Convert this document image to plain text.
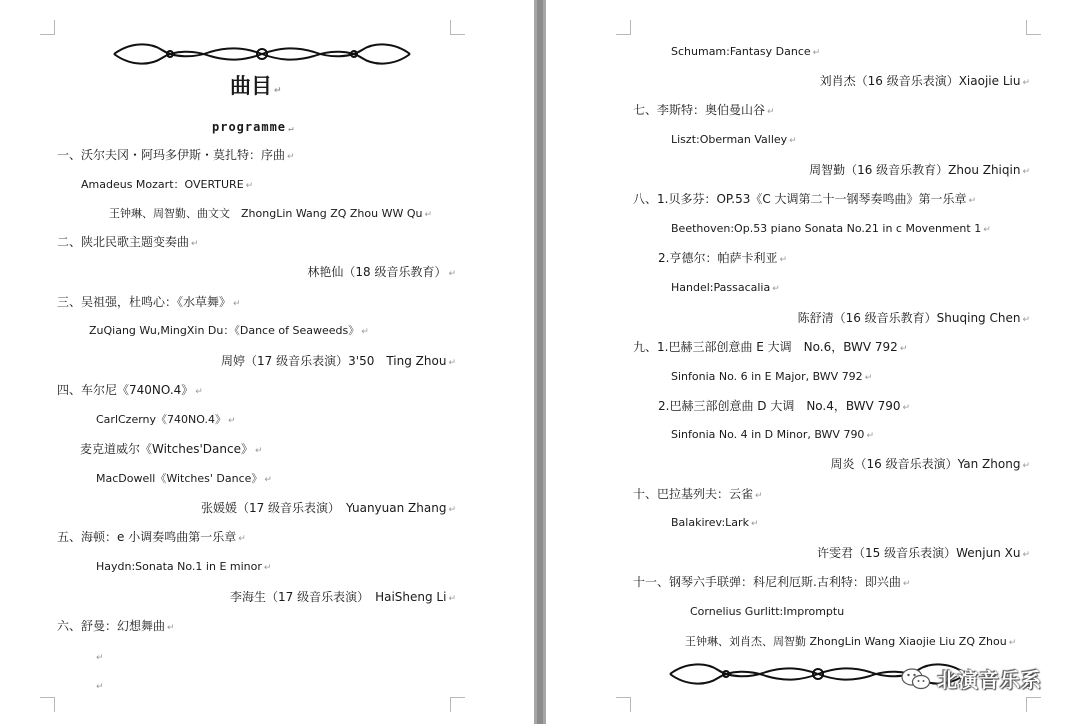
曲目 ↵
programme ↵
一、沃尔夫冈・阿玛多伊斯・莫扎特：序曲 ↵
Amadeus Mozart：OVERTURE ↵
王钟琳、周智勤、曲文文　ZhongLin Wang ZQ Zhou WW Qu ↵
二、陕北民歌主题变奏曲 ↵
林艳仙（18 级音乐教育） ↵
三、吴祖强，杜鸣心：《水草舞》 ↵
ZuQiang Wu,MingXin Du：《Dance of Seaweeds》 ↵
周婷（17 级音乐表演）3'50　Ting Zhou ↵
四、车尔尼《740NO.4》 ↵
CarlCzerny《740NO.4》 ↵
麦克道威尔《Witches'Dance》 ↵
MacDowell《Witches' Dance》 ↵
张媛媛（17 级音乐表演）　Yuanyuan Zhang ↵
五、海顿：e 小调奏鸣曲第一乐章 ↵
Haydn:Sonata No.1 in E minor ↵
李海生（17 级音乐表演）　HaiSheng Li ↵
六、舒曼：幻想舞曲 ↵
↵
↵
Schumam:Fantasy Dance ↵
刘肖杰（16 级音乐表演）Xiaojie Liu ↵
七、李斯特：奥伯曼山谷 ↵
Liszt:Oberman Valley ↵
周智勤（16 级音乐教育）Zhou Zhiqin ↵
八、1.贝多芬：OP.53《C 大调第二十一钢琴奏鸣曲》第一乐章 ↵
Beethoven:Op.53 piano Sonata No.21 in c Movenment 1 ↵
2.亨德尔：帕萨卡利亚 ↵
Handel:Passacalia ↵
陈舒清（16 级音乐教育）Shuqing Chen ↵
九、1.巴赫三部创意曲 E 大调　No.6，BWV 792 ↵
Sinfonia No. 6 in E Major, BWV 792 ↵
2.巴赫三部创意曲 D 大调　No.4，BWV 790 ↵
Sinfonia No. 4 in D Minor, BWV 790 ↵
周炎（16 级音乐表演）Yan Zhong ↵
十、巴拉基列夫：云雀 ↵
Balakirev:Lark ↵
许雯君（15 级音乐表演）Wenjun Xu ↵
十一、钢琴六手联弹：科尼利厄斯.古利特：即兴曲 ↵
Cornelius Gurlitt:Impromptu
王钟琳、刘肖杰、周智勤 ZhongLin Wang Xiaojie Liu ZQ Zhou ↵
北演音乐系
